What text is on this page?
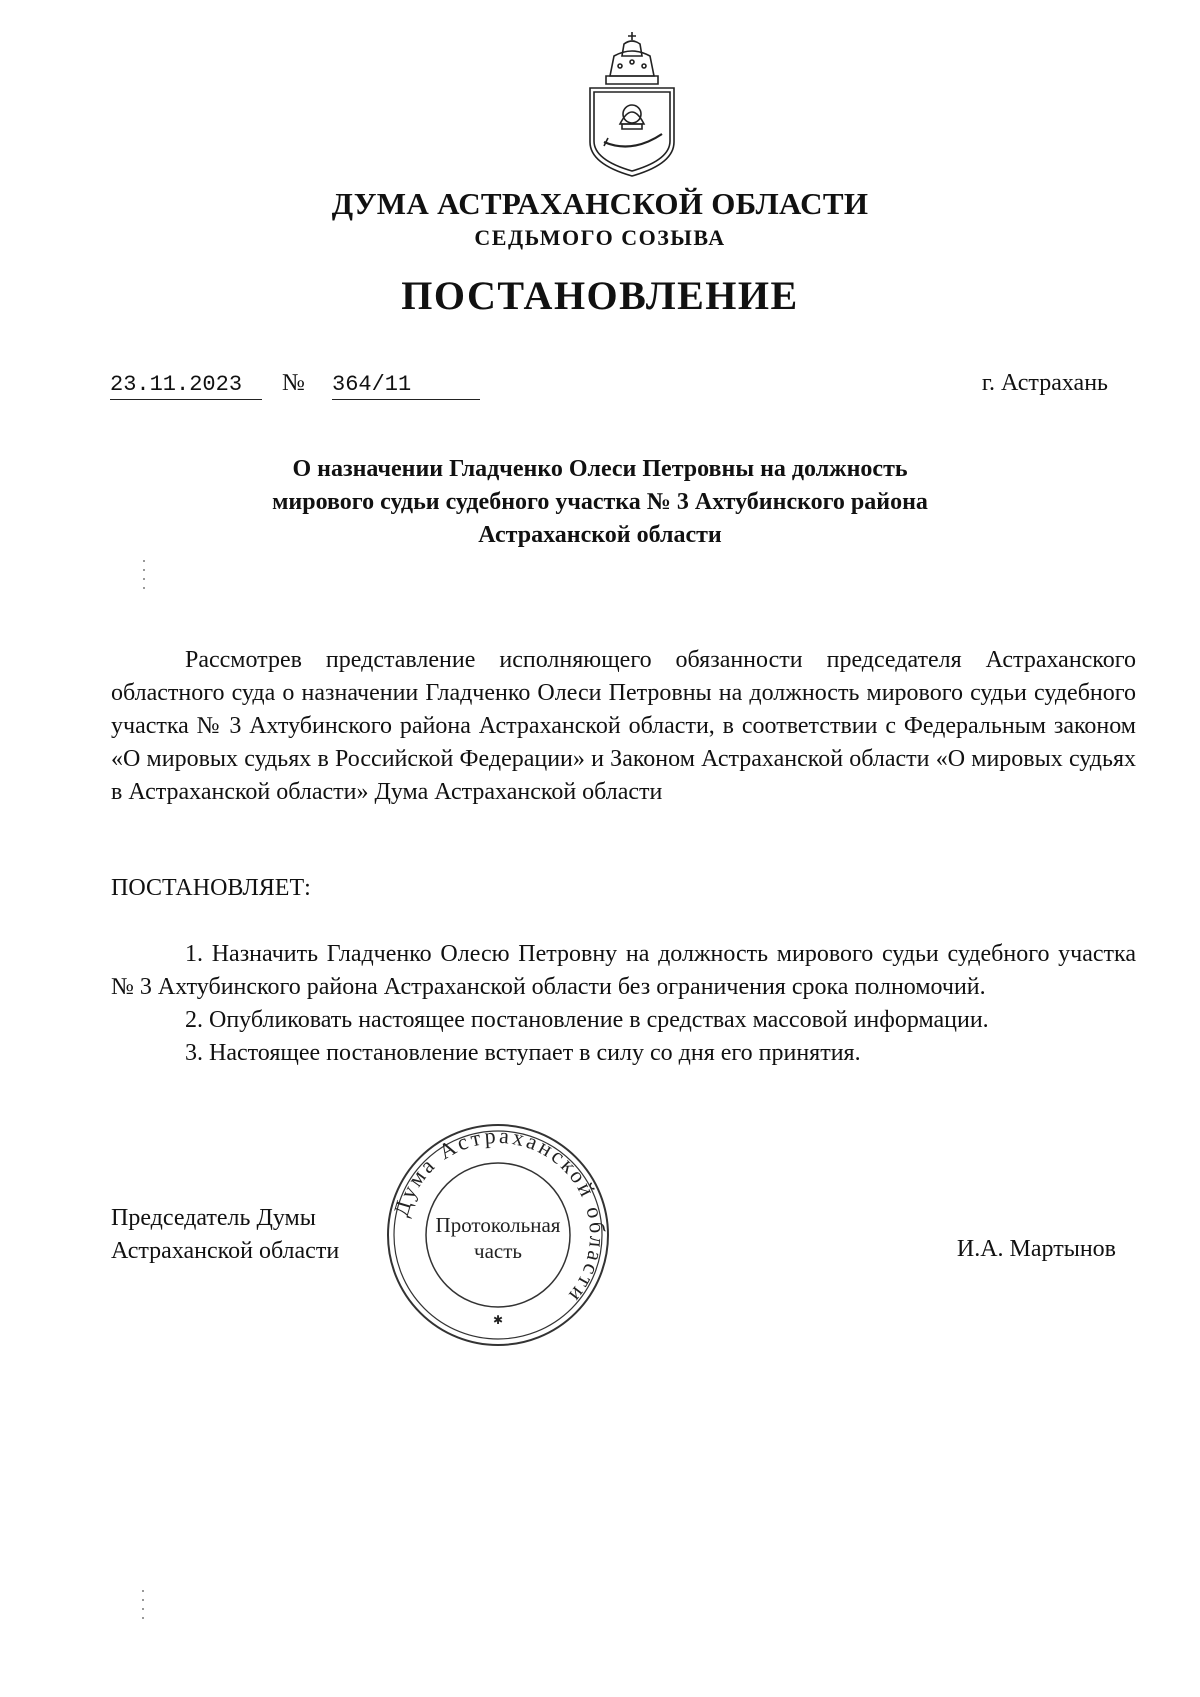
ДУМА АСТРАХАНСКОЙ ОБЛАСТИ
СЕДЬМОГО СОЗЫВА
ПОСТАНОВЛЕНИЕ
23.11.2023	№ 364/11	г. Астрахань
О назначении Гладченко Олеси Петровны на должность
мирового судьи судебного участка № 3 Ахтубинского района
Астраханской области
Рассмотрев представление исполняющего обязанности председателя Астраханского областного суда о назначении Гладченко Олеси Петровны на должность мирового судьи судебного участка № 3 Ахтубинского района Астраханской области, в соответствии с Федеральным законом «О мировых судьях в Российской Федерации» и Законом Астраханской области «О мировых судьях в Астраханской области» Дума Астраханской области
ПОСТАНОВЛЯЕТ:

1. Назначить Гладченко Олесю Петровну на должность мирового судьи судебного участка № 3 Ахтубинского района Астраханской области без ограничения срока полномочий.

2. Опубликовать настоящее постановление в средствах массовой информации.

3. Настоящее постановление вступает в силу со дня его принятия.

Председатель Думы
Астраханской области
Дума Астраханской области
Протокольная
часть
✱
И.А. Мартынов
